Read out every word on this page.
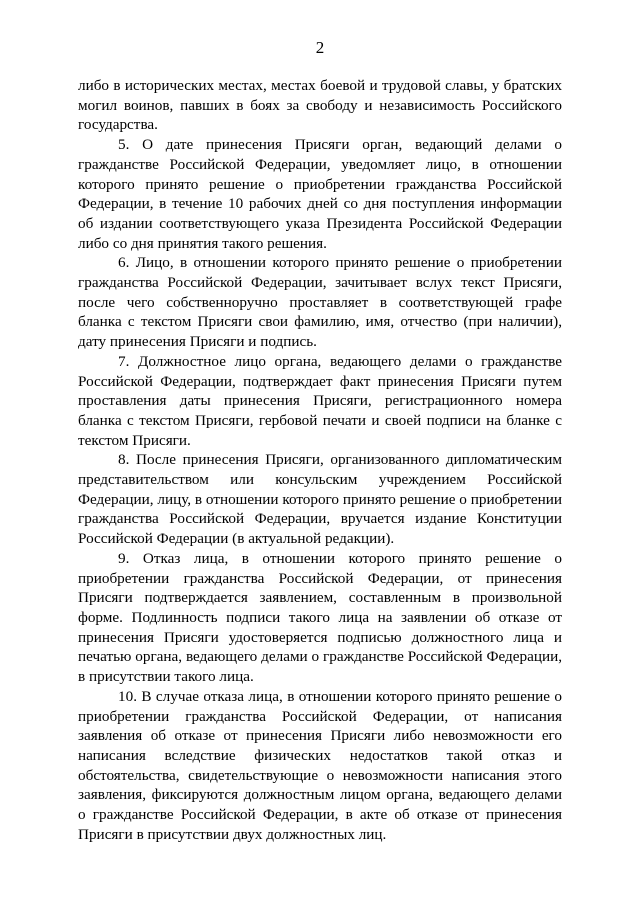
2

либо в исторических местах, местах боевой и трудовой славы, у братских могил воинов, павших в боях за свободу и независимость Российского государства.

5. О дате принесения Присяги орган, ведающий делами о гражданстве Российской Федерации, уведомляет лицо, в отношении которого принято решение о приобретении гражданства Российской Федерации, в течение 10 рабочих дней со дня поступления информации об издании соответствующего указа Президента Российской Федерации либо со дня принятия такого решения.

6. Лицо, в отношении которого принято решение о приобретении гражданства Российской Федерации, зачитывает вслух текст Присяги, после чего собственноручно проставляет в соответствующей графе бланка с текстом Присяги свои фамилию, имя, отчество (при наличии), дату принесения Присяги и подпись.

7. Должностное лицо органа, ведающего делами о гражданстве Российской Федерации, подтверждает факт принесения Присяги путем проставления даты принесения Присяги, регистрационного номера бланка с текстом Присяги, гербовой печати и своей подписи на бланке с текстом Присяги.

8. После принесения Присяги, организованного дипломатическим представительством или консульским учреждением Российской Федерации, лицу, в отношении которого принято решение о приобретении гражданства Российской Федерации, вручается издание Конституции Российской Федерации (в актуальной редакции).

9. Отказ лица, в отношении которого принято решение о приобретении гражданства Российской Федерации, от принесения Присяги подтверждается заявлением, составленным в произвольной форме. Подлинность подписи такого лица на заявлении об отказе от принесения Присяги удостоверяется подписью должностного лица и печатью органа, ведающего делами о гражданстве Российской Федерации, в присутствии такого лица.

10. В случае отказа лица, в отношении которого принято решение о приобретении гражданства Российской Федерации, от написания заявления об отказе от принесения Присяги либо невозможности его написания вследствие физических недостатков такой отказ и обстоятельства, свидетельствующие о невозможности написания этого заявления, фиксируются должностным лицом органа, ведающего делами о гражданстве Российской Федерации, в акте об отказе от принесения Присяги в присутствии двух должностных лиц.
